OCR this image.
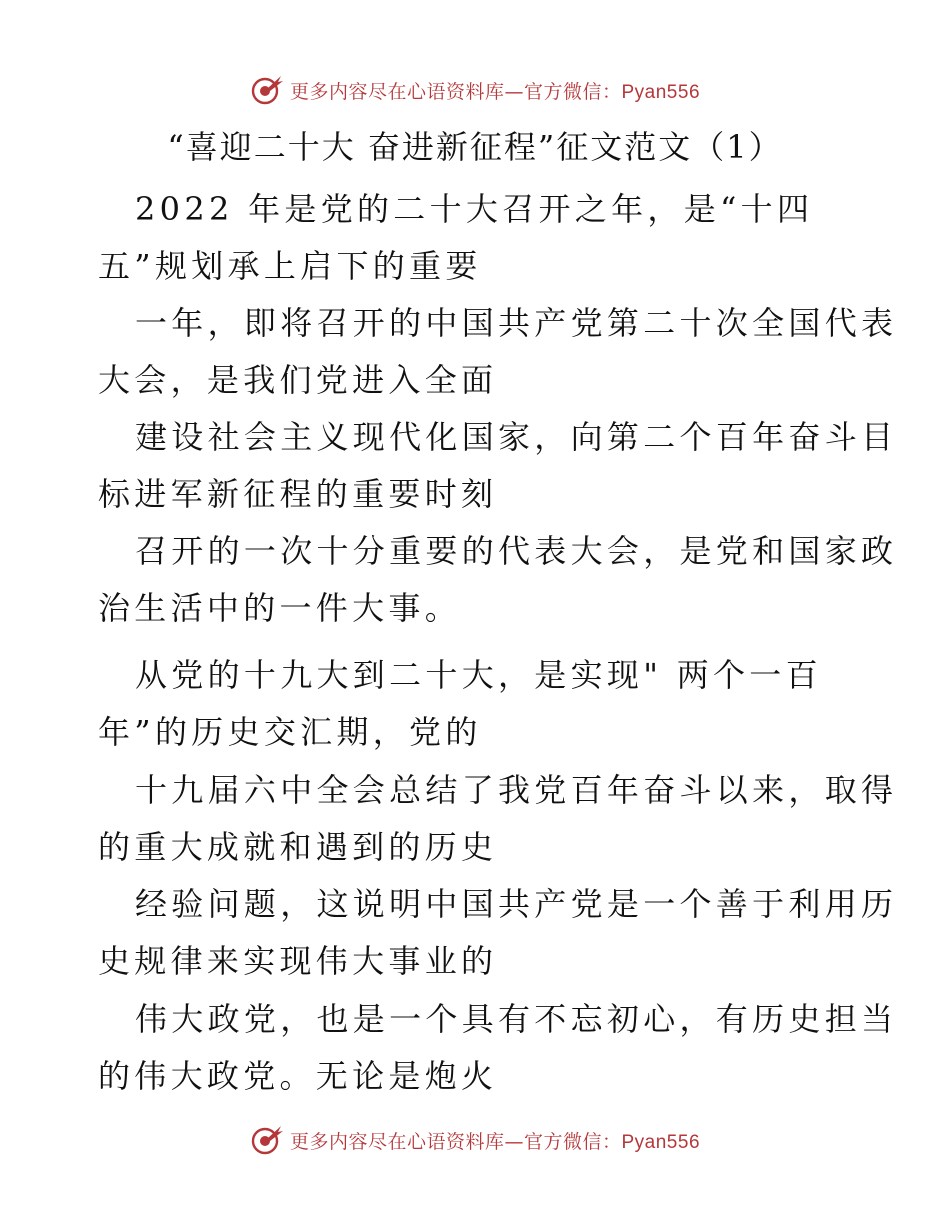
更多内容尽在心语资料库—官方微信：Pyan556
“喜迎二十大 奋进新征程”征文范文（1）

2022 年是党的二十大召开之年，是“十四

五”规划承上启下的重要

一年，即将召开的中国共产党第二十次全国代表

大会，是我们党进入全面

建设社会主义现代化国家，向第二个百年奋斗目

标进军新征程的重要时刻

召开的一次十分重要的代表大会，是党和国家政

治生活中的一件大事。

从党的十九大到二十大，是实现" 两个一百

年”的历史交汇期，党的

十九届六中全会总结了我党百年奋斗以来，取得

的重大成就和遇到的历史

经验问题，这说明中国共产党是一个善于利用历

史规律来实现伟大事业的

伟大政党，也是一个具有不忘初心，有历史担当

的伟大政党。无论是炮火

更多内容尽在心语资料库—官方微信：Pyan556
